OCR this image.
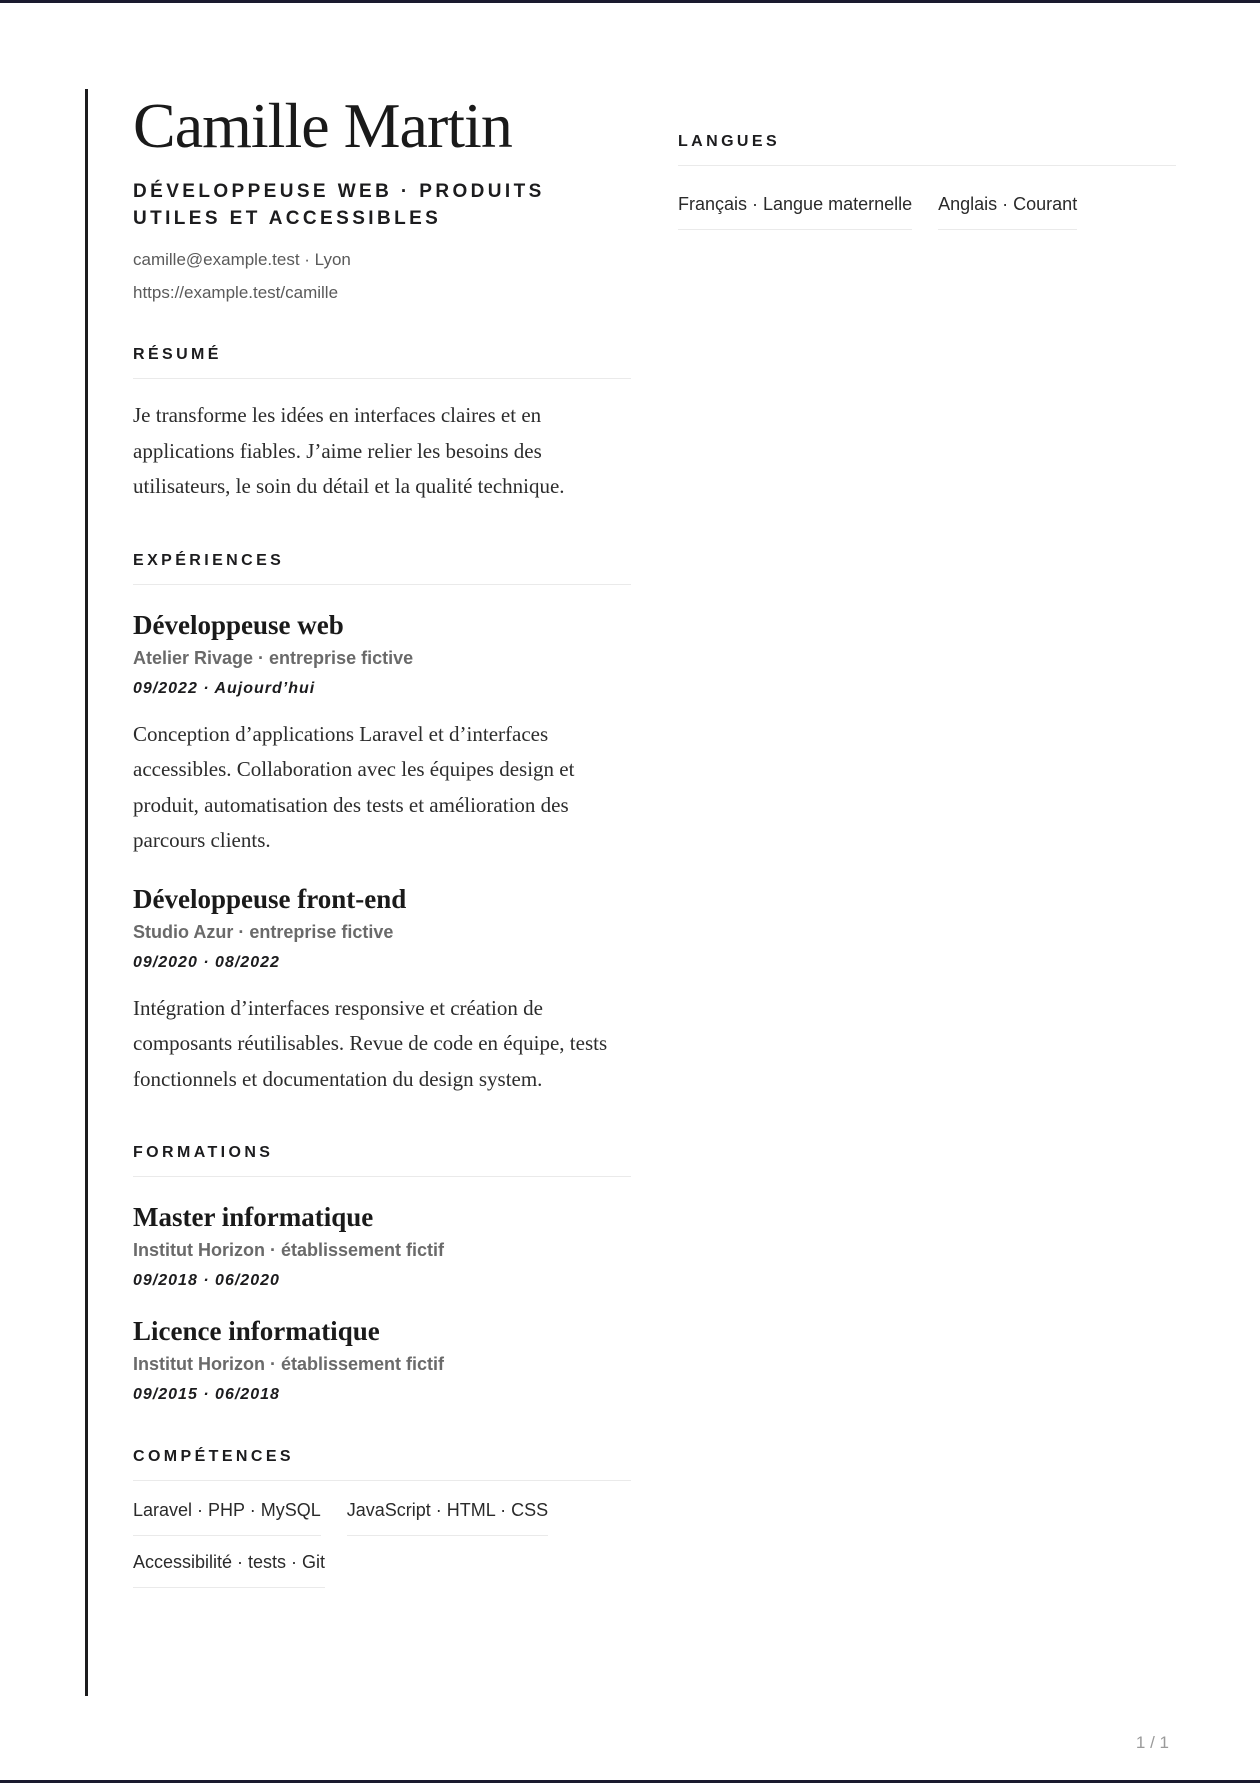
Camille Martin
DÉVELOPPEUSE WEB · PRODUITS UTILES ET ACCESSIBLES
camille@example.test · Lyon
https://example.test/camille
RÉSUMÉ
Je transforme les idées en interfaces claires et en applications fiables. J’aime relier les besoins des utilisateurs, le soin du détail et la qualité technique.
EXPÉRIENCES
Développeuse web
Atelier Rivage · entreprise fictive
09/2022 · Aujourd’hui
Conception d’applications Laravel et d’interfaces accessibles. Collaboration avec les équipes design et produit, automatisation des tests et amélioration des parcours clients.
Développeuse front-end
Studio Azur · entreprise fictive
09/2020 · 08/2022
Intégration d’interfaces responsive et création de composants réutilisables. Revue de code en équipe, tests fonctionnels et documentation du design system.
FORMATIONS
Master informatique
Institut Horizon · établissement fictif
09/2018 · 06/2020
Licence informatique
Institut Horizon · établissement fictif
09/2015 · 06/2018
COMPÉTENCES
Laravel · PHP · MySQL JavaScript · HTML · CSS
Accessibilité · tests · Git
LANGUES
Français · Langue maternelle Anglais · Courant
1 / 1
